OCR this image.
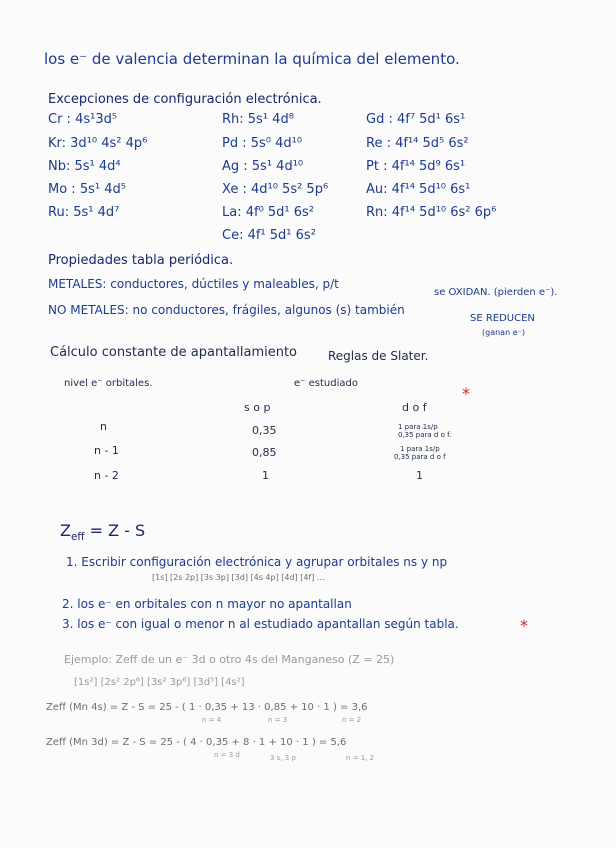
los e⁻ de valencia determinan la química del elemento.
Excepciones de configuración electrónica.
Cr : 4s¹3d⁵
Kr: 3d¹⁰ 4s² 4p⁶
Nb: 5s¹ 4d⁴
Mo : 5s¹ 4d⁵
Ru: 5s¹ 4d⁷
Rh: 5s¹ 4d⁸
Pd : 5s⁰ 4d¹⁰
Ag : 5s¹ 4d¹⁰
Xe : 4d¹⁰ 5s² 5p⁶
La: 4f⁰ 5d¹ 6s²
Ce: 4f¹ 5d¹ 6s²
Gd : 4f⁷ 5d¹ 6s¹
Re : 4f¹⁴ 5d⁵ 6s²
Pt : 4f¹⁴ 5d⁹ 6s¹
Au: 4f¹⁴ 5d¹⁰ 6s¹
Rn: 4f¹⁴ 5d¹⁰ 6s² 6p⁶
Propiedades tabla periódica.
METALES: conductores, dúctiles y maleables, p/t
se OXIDAN. (pierden e⁻).
NO METALES: no conductores, frágiles, algunos (s) también
SE REDUCEN
(ganan e⁻)
Cálculo constante de apantallamiento	Reglas de Slater.
nivel e⁻ orbitales.	e⁻ estudiado
*
s o p	d o f
n	0,35	1 para 1s/p
0,35 para d o f.
n - 1	0,85	1 para 1s/p
0,35 para d o f
n - 2	1	1
$Z_{eff} = Z - S$
1. Escribir configuración electrónica y agrupar orbitales ns y np
[1s] [2s 2p] [3s 3p] [3d] [4s 4p] [4d] [4f] ...
2. los e⁻ en orbitales con n mayor no apantallan
3. los e⁻ con igual o menor n al estudiado apantallan según tabla.	*
Ejemplo: Zeff de un e⁻ 3d o otro 4s del Manganeso (Z = 25)
[1s²] [2s² 2p⁶] [3s² 3p⁶] [3d⁵] [4s²]
Zeff (Mn 4s) = Z - S = 25 - ( 1 · 0,35 + 13 · 0,85 + 10 · 1 ) = 3,6
n = 4	n = 3	n = 2
Zeff (Mn 3d) = Z - S = 25 - ( 4 · 0,35 + 8 · 1 + 10 · 1 ) = 5,6
n = 3 d	3 s, 3 p	n = 1, 2
